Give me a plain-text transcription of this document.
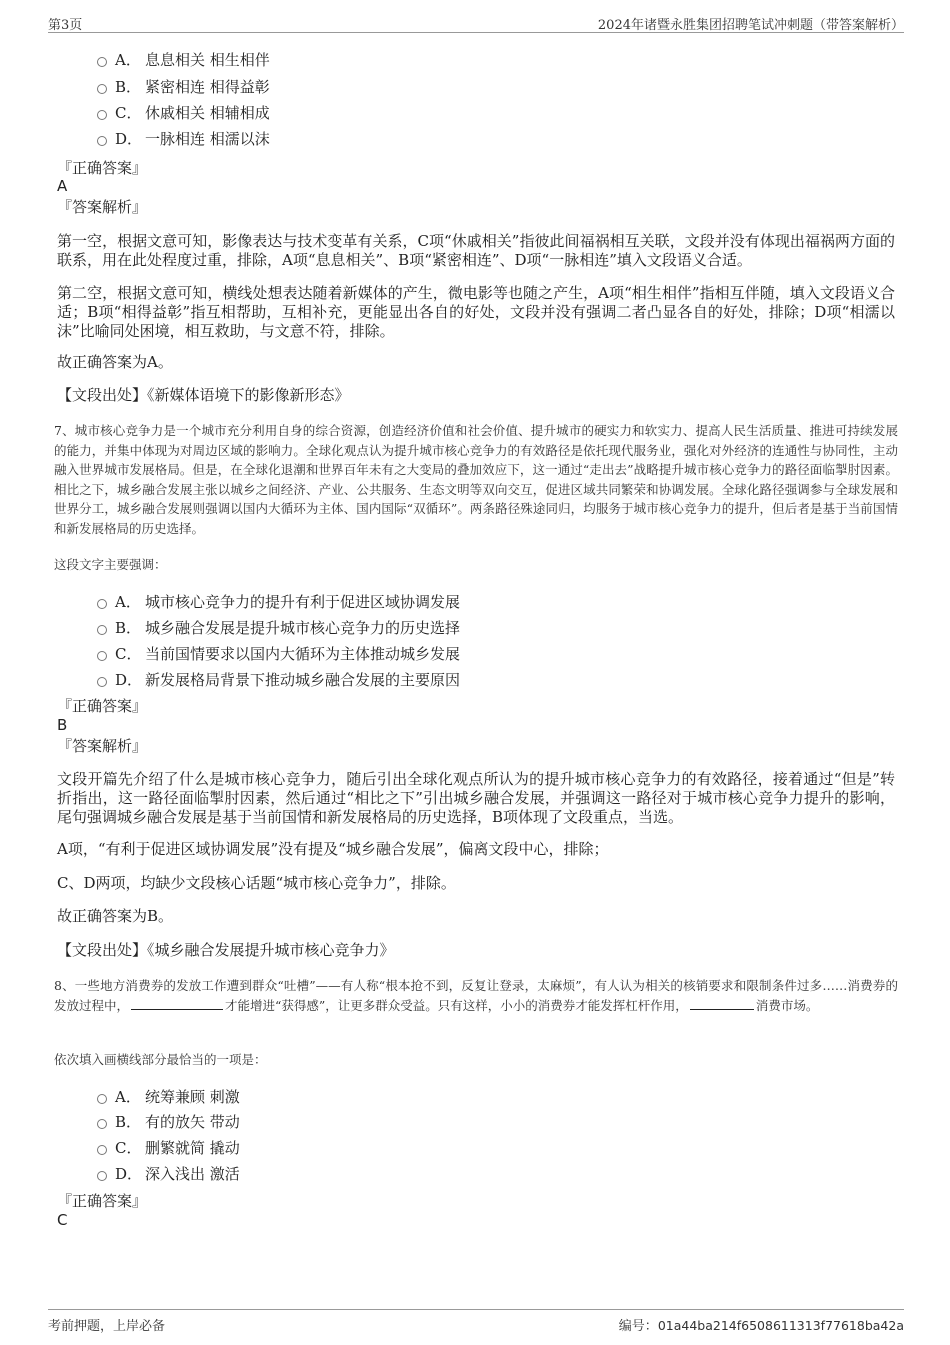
第3页	2024年诸暨永胜集团招聘笔试冲刺题（带答案解析）
A． 息息相关 相生相伴
B． 紧密相连 相得益彰
C． 休戚相关 相辅相成
D． 一脉相连 相濡以沫
『正确答案』
A
『答案解析』
第一空，根据文意可知，影像表达与技术变革有关系，C项“休戚相关”指彼此间福祸相互关联，文段并没有体现出福祸两方面的联系，用在此处程度过重，排除，A项“息息相关”、B项“紧密相连”、D项“一脉相连”填入文段语义合适。
第二空，根据文意可知，横线处想表达随着新媒体的产生，微电影等也随之产生，A项“相生相伴”指相互伴随，填入文段语义合适；B项“相得益彰”指互相帮助，互相补充，更能显出各自的好处，文段并没有强调二者凸显各自的好处，排除；D项“相濡以沫”比喻同处困境，相互救助，与文意不符，排除。
故正确答案为A。
【文段出处】《新媒体语境下的影像新形态》
7、城市核心竞争力是一个城市充分利用自身的综合资源，创造经济价值和社会价值、提升城市的硬实力和软实力、提高人民生活质量、推进可持续发展的能力，并集中体现为对周边区域的影响力。全球化观点认为提升城市核心竞争力的有效路径是依托现代服务业，强化对外经济的连通性与协同性，主动融入世界城市发展格局。但是，在全球化退潮和世界百年未有之大变局的叠加效应下，这一通过“走出去”战略提升城市核心竞争力的路径面临掣肘因素。相比之下，城乡融合发展主张以城乡之间经济、产业、公共服务、生态文明等双向交互，促进区域共同繁荣和协调发展。全球化路径强调参与全球发展和世界分工，城乡融合发展则强调以国内大循环为主体、国内国际“双循环”。两条路径殊途同归，均服务于城市核心竞争力的提升，但后者是基于当前国情和新发展格局的历史选择。
这段文字主要强调：
A． 城市核心竞争力的提升有利于促进区域协调发展
B． 城乡融合发展是提升城市核心竞争力的历史选择
C． 当前国情要求以国内大循环为主体推动城乡发展
D． 新发展格局背景下推动城乡融合发展的主要原因
『正确答案』
B
『答案解析』
文段开篇先介绍了什么是城市核心竞争力，随后引出全球化观点所认为的提升城市核心竞争力的有效路径，接着通过“但是”转折指出，这一路径面临掣肘因素，然后通过“相比之下”引出城乡融合发展，并强调这一路径对于城市核心竞争力提升的影响，尾句强调城乡融合发展是基于当前国情和新发展格局的历史选择，B项体现了文段重点，当选。
A项，“有利于促进区域协调发展”没有提及“城乡融合发展”，偏离文段中心，排除；
C、D两项，均缺少文段核心话题“城市核心竞争力”，排除。
故正确答案为B。
【文段出处】《城乡融合发展提升城市核心竞争力》
8、一些地方消费券的发放工作遭到群众“吐槽”——有人称“根本抢不到，反复让登录，太麻烦”，有人认为相关的核销要求和限制条件过多……消费券的发放过程中，	才能增进“获得感”，让更多群众受益。只有这样，小小的消费券才能发挥杠杆作用，	消费市场。
依次填入画横线部分最恰当的一项是：
A． 统筹兼顾 刺激
B． 有的放矢 带动
C． 删繁就简 撬动
D． 深入浅出 激活
『正确答案』
C
考前押题，上岸必备	编号：01a44ba214f6508611313f77618ba42a
